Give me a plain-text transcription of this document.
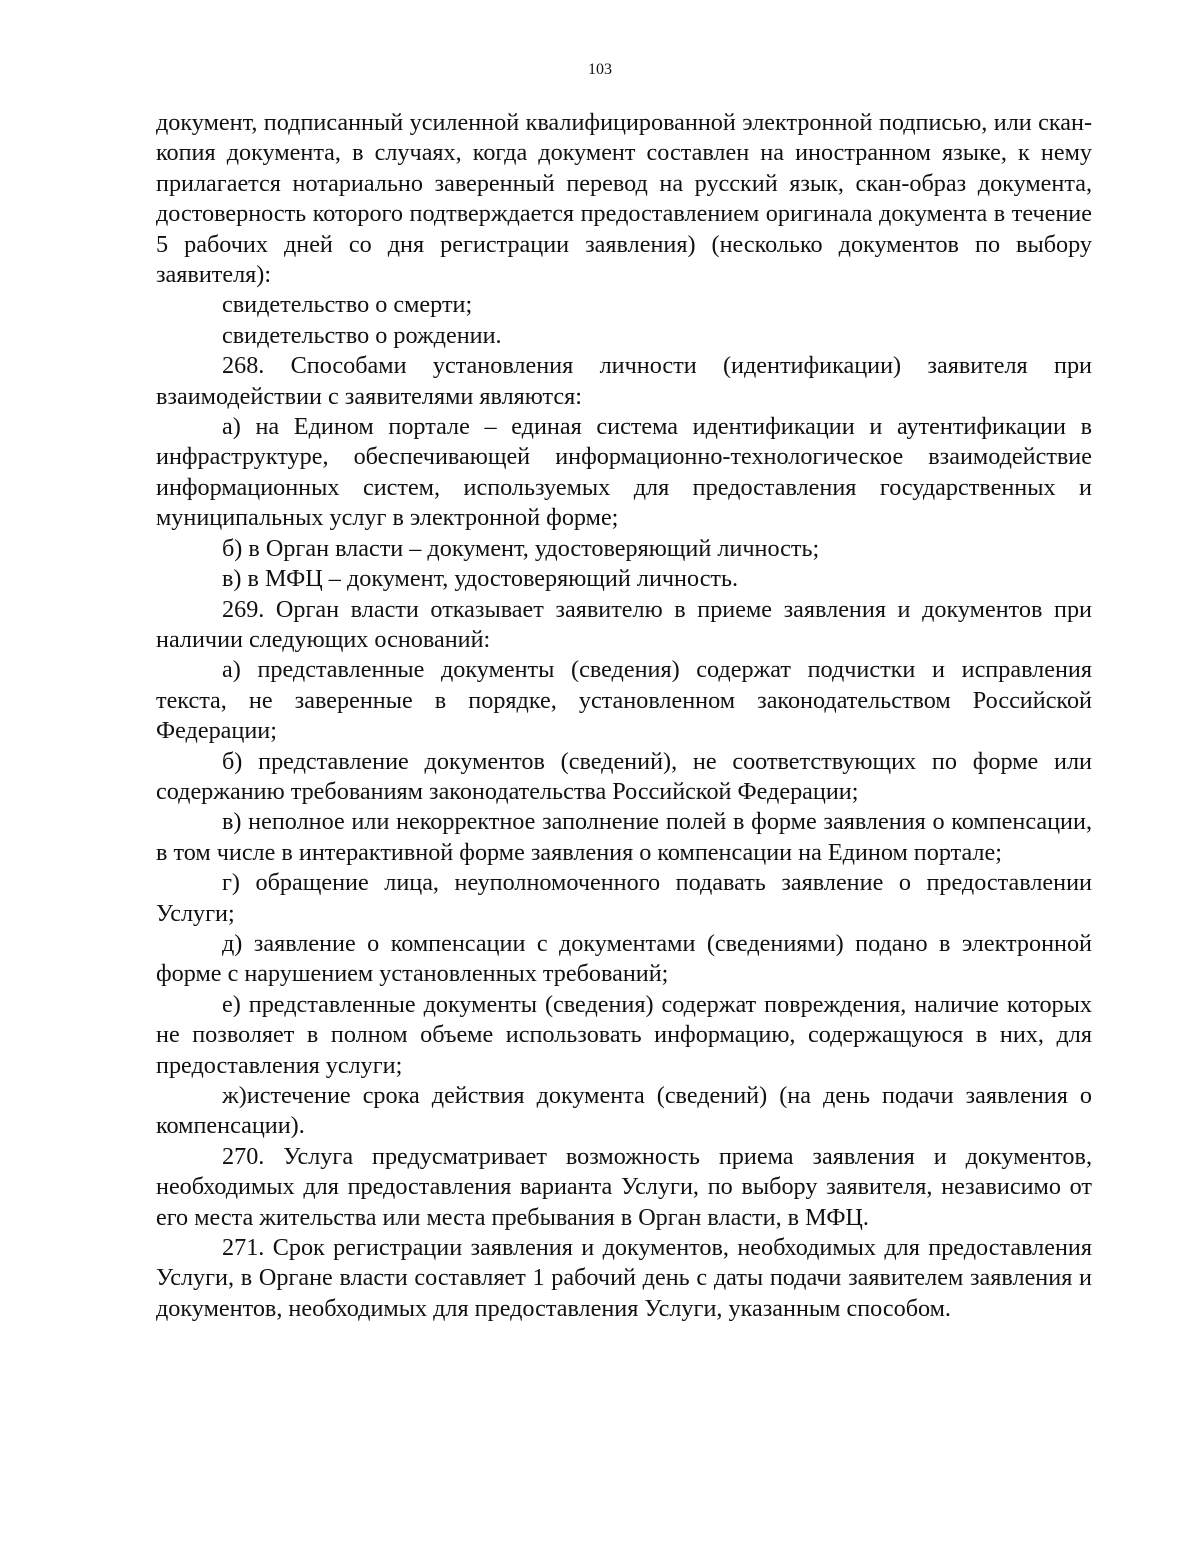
103

документ, подписанный усиленной квалифицированной электронной подписью, или скан-копия документа, в случаях, когда документ составлен на иностранном языке, к нему прилагается нотариально заверенный перевод на русский язык, скан-образ документа, достоверность которого подтверждается предоставлением оригинала документа в течение 5 рабочих дней со дня регистрации заявления) (несколько документов по выбору заявителя):

свидетельство о смерти;

свидетельство о рождении.

268. Способами установления личности (идентификации) заявителя при взаимодействии с заявителями являются:

а) на Едином портале – единая система идентификации и аутентификации в инфраструктуре, обеспечивающей информационно-технологическое взаимодействие информационных систем, используемых для предоставления государственных и муниципальных услуг в электронной форме;

б) в Орган власти – документ, удостоверяющий личность;

в) в МФЦ – документ, удостоверяющий личность.

269. Орган власти отказывает заявителю в приеме заявления и документов при наличии следующих оснований:

а) представленные документы (сведения) содержат подчистки и исправления текста, не заверенные в порядке, установленном законодательством Российской Федерации;

б) представление документов (сведений), не соответствующих по форме или содержанию требованиям законодательства Российской Федерации;

в) неполное или некорректное заполнение полей в форме заявления о компенсации, в том числе в интерактивной форме заявления о компенсации на Едином портале;

г) обращение лица, неуполномоченного подавать заявление о предоставлении Услуги;

д) заявление о компенсации с документами (сведениями) подано в электронной форме с нарушением установленных требований;

е) представленные документы (сведения) содержат повреждения, наличие которых не позволяет в полном объеме использовать информацию, содержащуюся в них, для предоставления услуги;

ж)истечение срока действия документа (сведений) (на день подачи заявления о компенсации).

270. Услуга предусматривает возможность приема заявления и документов, необходимых для предоставления варианта Услуги, по выбору заявителя, независимо от его места жительства или места пребывания в Орган власти, в МФЦ.

271. Срок регистрации заявления и документов, необходимых для предоставления Услуги, в Органе власти составляет 1 рабочий день с даты подачи заявителем заявления и документов, необходимых для предоставления Услуги, указанным способом.
